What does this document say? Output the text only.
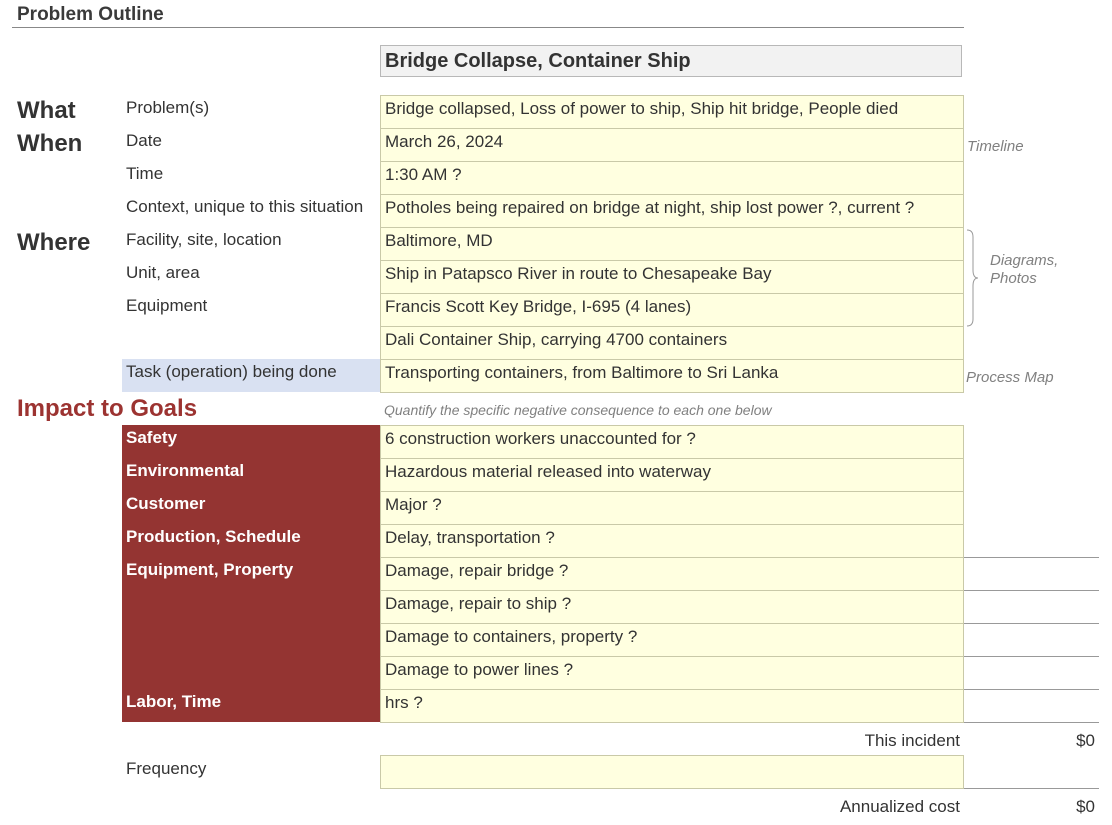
Problem Outline
Bridge Collapse, Container Ship
What
When
Where
Impact to Goals
Problem(s)
Date
Time
Context, unique to this situation
Facility, site, location
Unit, area
Equipment
Task (operation) being done
Bridge collapsed, Loss of power to ship, Ship hit bridge, People died
March 26, 2024
1:30 AM ?
Potholes being repaired on bridge at night, ship lost power ?, current ?
Baltimore, MD
Ship in Patapsco River in route to Chesapeake Bay
Francis Scott Key Bridge, I-695 (4 lanes)
Dali Container Ship, carrying 4700 containers
Transporting containers, from Baltimore to Sri Lanka
Timeline
Diagrams,
Photos
Process Map
Quantify the specific negative consequence to each one below
Safety
Environmental
Customer
Production, Schedule
Equipment, Property
Labor, Time
6 construction workers unaccounted for ?
Hazardous material released into waterway
Major ?
Delay, transportation ?
Damage, repair bridge ?
Damage, repair to ship ?
Damage to containers, property ?
Damage to power lines ?
hrs ?
This incident	$0
Frequency
Annualized cost	$0
